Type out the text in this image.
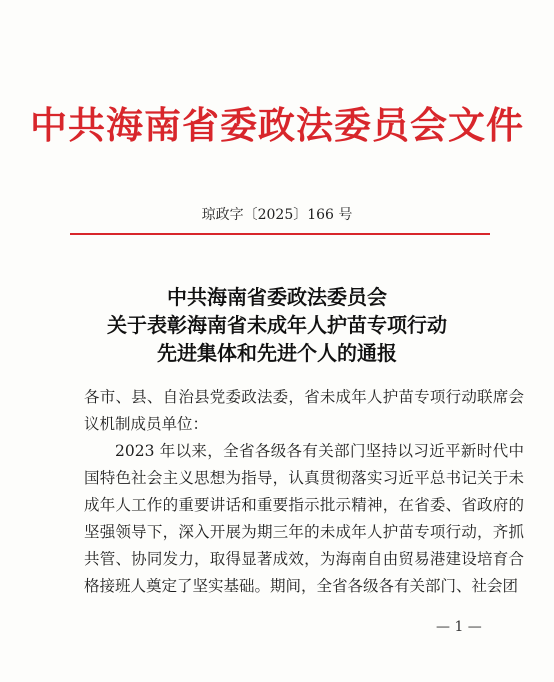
中共海南省委政法委员会文件
琼政字〔2025〕166 号
中共海南省委政法委员会
关于表彰海南省未成年人护苗专项行动
先进集体和先进个人的通报

各市、县、自治县党委政法委，省未成年人护苗专项行动联席会议机制成员单位：

2023 年以来，全省各级各有关部门坚持以习近平新时代中国特色社会主义思想为指导，认真贯彻落实习近平总书记关于未成年人工作的重要讲话和重要指示批示精神，在省委、省政府的坚强领导下，深入开展为期三年的未成年人护苗专项行动，齐抓共管、协同发力，取得显著成效，为海南自由贸易港建设培育合格接班人奠定了坚实基础。期间，全省各级各有关部门、社会团

— 1 —
